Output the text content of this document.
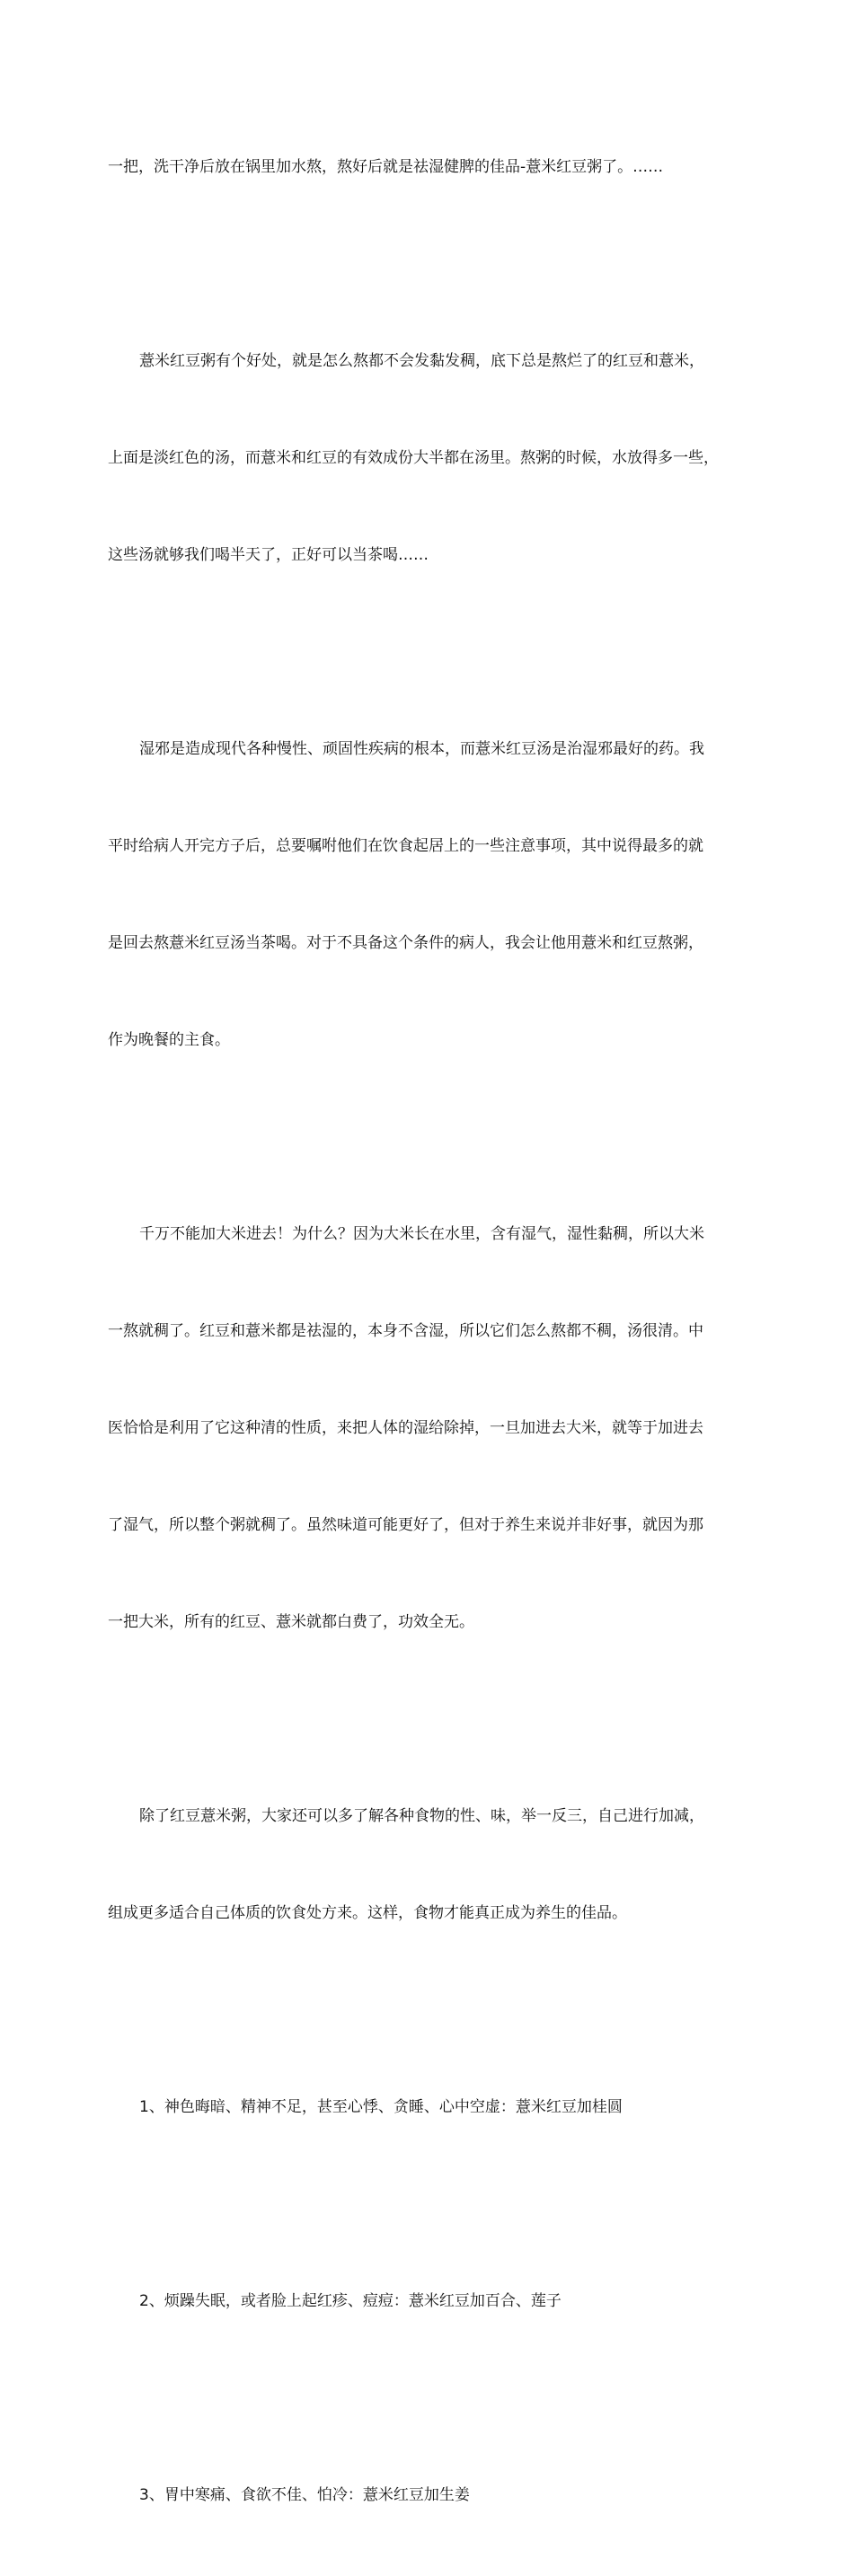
一把，洗干净后放在锅里加水熬，熬好后就是祛湿健脾的佳品-薏米红豆粥了。……

薏米红豆粥有个好处，就是怎么熬都不会发黏发稠，底下总是熬烂了的红豆和薏米，

上面是淡红色的汤，而薏米和红豆的有效成份大半都在汤里。熬粥的时候，水放得多一些，

这些汤就够我们喝半天了，正好可以当茶喝……

湿邪是造成现代各种慢性、顽固性疾病的根本，而薏米红豆汤是治湿邪最好的药。我

平时给病人开完方子后，总要嘱咐他们在饮食起居上的一些注意事项，其中说得最多的就

是回去熬薏米红豆汤当茶喝。对于不具备这个条件的病人，我会让他用薏米和红豆熬粥，

作为晚餐的主食。

千万不能加大米进去！为什么？因为大米长在水里，含有湿气，湿性黏稠，所以大米

一熬就稠了。红豆和薏米都是祛湿的，本身不含湿，所以它们怎么熬都不稠，汤很清。中

医恰恰是利用了它这种清的性质，来把人体的湿给除掉，一旦加进去大米，就等于加进去

了湿气，所以整个粥就稠了。虽然味道可能更好了，但对于养生来说并非好事，就因为那

一把大米，所有的红豆、薏米就都白费了，功效全无。

除了红豆薏米粥，大家还可以多了解各种食物的性、味，举一反三，自己进行加减，

组成更多适合自己体质的饮食处方来。这样，食物才能真正成为养生的佳品。

1、神色晦暗、精神不足，甚至心悸、贪睡、心中空虚：薏米红豆加桂圆

2、烦躁失眠，或者脸上起红疹、痘痘：薏米红豆加百合、莲子

3、胃中寒痛、食欲不佳、怕冷：薏米红豆加生姜
